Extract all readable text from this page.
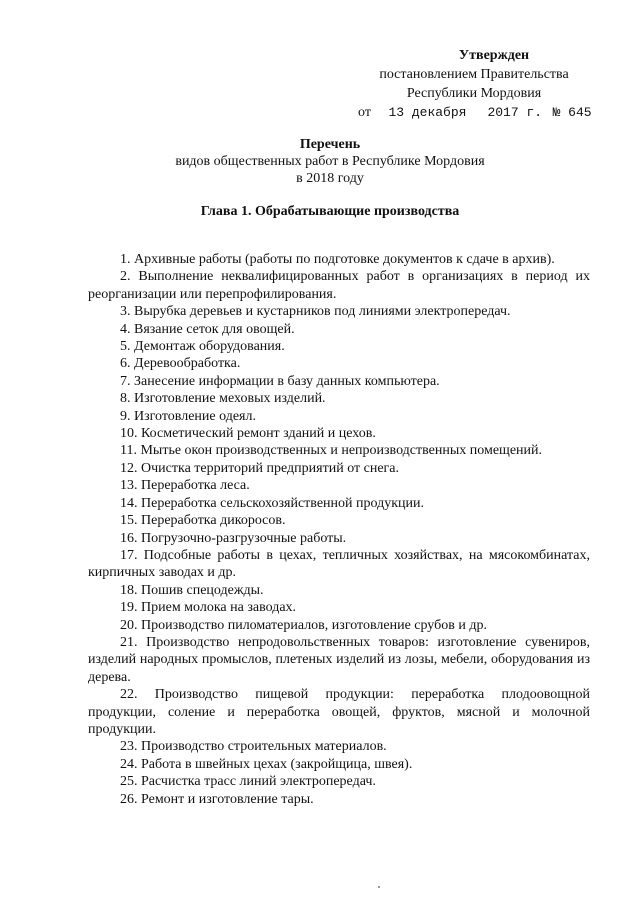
Утвержден
постановлением Правительства
Республики Мордовия
от 13 декабря 2017 г. № 645
Перечень
видов общественных работ в Республике Мордовия
в 2018 году
Глава 1. Обрабатывающие производства

1. Архивные работы (работы по подготовке документов к сдаче в архив).

2. Выполнение неквалифицированных работ в организациях в период их реорганизации или перепрофилирования.

3. Вырубка деревьев и кустарников под линиями электропередач.

4. Вязание сеток для овощей.

5. Демонтаж оборудования.

6. Деревообработка.

7. Занесение информации в базу данных компьютера.

8. Изготовление меховых изделий.

9. Изготовление одеял.

10. Косметический ремонт зданий и цехов.

11. Мытье окон производственных и непроизводственных помещений.

12. Очистка территорий предприятий от снега.

13. Переработка леса.

14. Переработка сельскохозяйственной продукции.

15. Переработка дикоросов.

16. Погрузочно-разгрузочные работы.

17. Подсобные работы в цехах, тепличных хозяйствах, на мясокомбинатах, кирпичных заводах и др.

18. Пошив спецодежды.

19. Прием молока на заводах.

20. Производство пиломатериалов, изготовление срубов и др.

21. Производство непродовольственных товаров: изготовление сувениров, изделий народных промыслов, плетеных изделий из лозы, мебели, оборудования из дерева.

22. Производство пищевой продукции: переработка плодоовощной продукции, соление и переработка овощей, фруктов, мясной и молочной продукции.

23. Производство строительных материалов.

24. Работа в швейных цехах (закройщица, швея).

25. Расчистка трасс линий электропередач.

26. Ремонт и изготовление тары.
